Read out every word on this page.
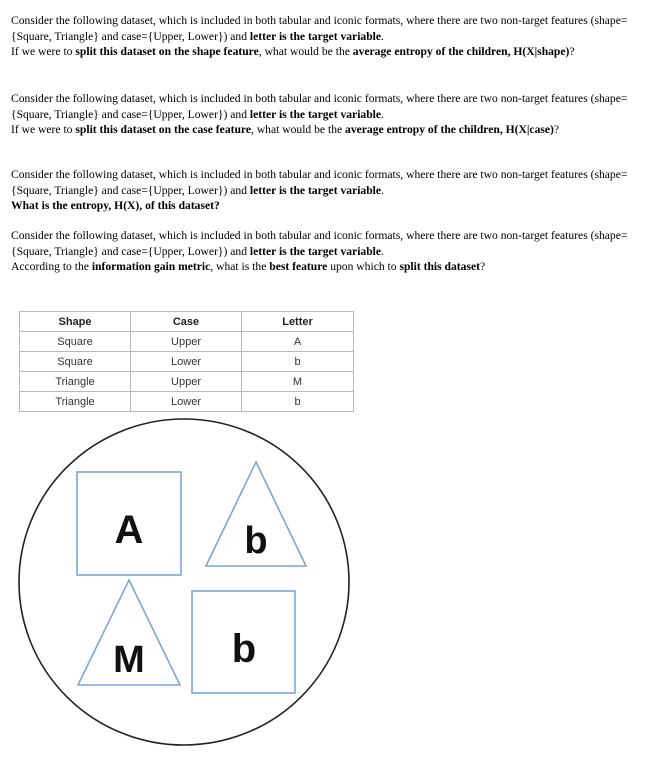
Consider the following dataset, which is included in both tabular and iconic formats, where there are two non-target features (shape={Square, Triangle} and case={Upper, Lower}) and letter is the target variable.
If we were to split this dataset on the shape feature, what would be the average entropy of the children, H(X|shape)?
Consider the following dataset, which is included in both tabular and iconic formats, where there are two non-target features (shape={Square, Triangle} and case={Upper, Lower}) and letter is the target variable.
If we were to split this dataset on the case feature, what would be the average entropy of the children, H(X|case)?
Consider the following dataset, which is included in both tabular and iconic formats, where there are two non-target features (shape={Square, Triangle} and case={Upper, Lower}) and letter is the target variable.
What is the entropy, H(X), of this dataset?
Consider the following dataset, which is included in both tabular and iconic formats, where there are two non-target features (shape={Square, Triangle} and case={Upper, Lower}) and letter is the target variable.
According to the information gain metric, what is the best feature upon which to split this dataset?
Shape	Case	Letter
Square	Upper	A
Square	Lower	b
Triangle	Upper	M
Triangle	Lower	b
A	b
M b
